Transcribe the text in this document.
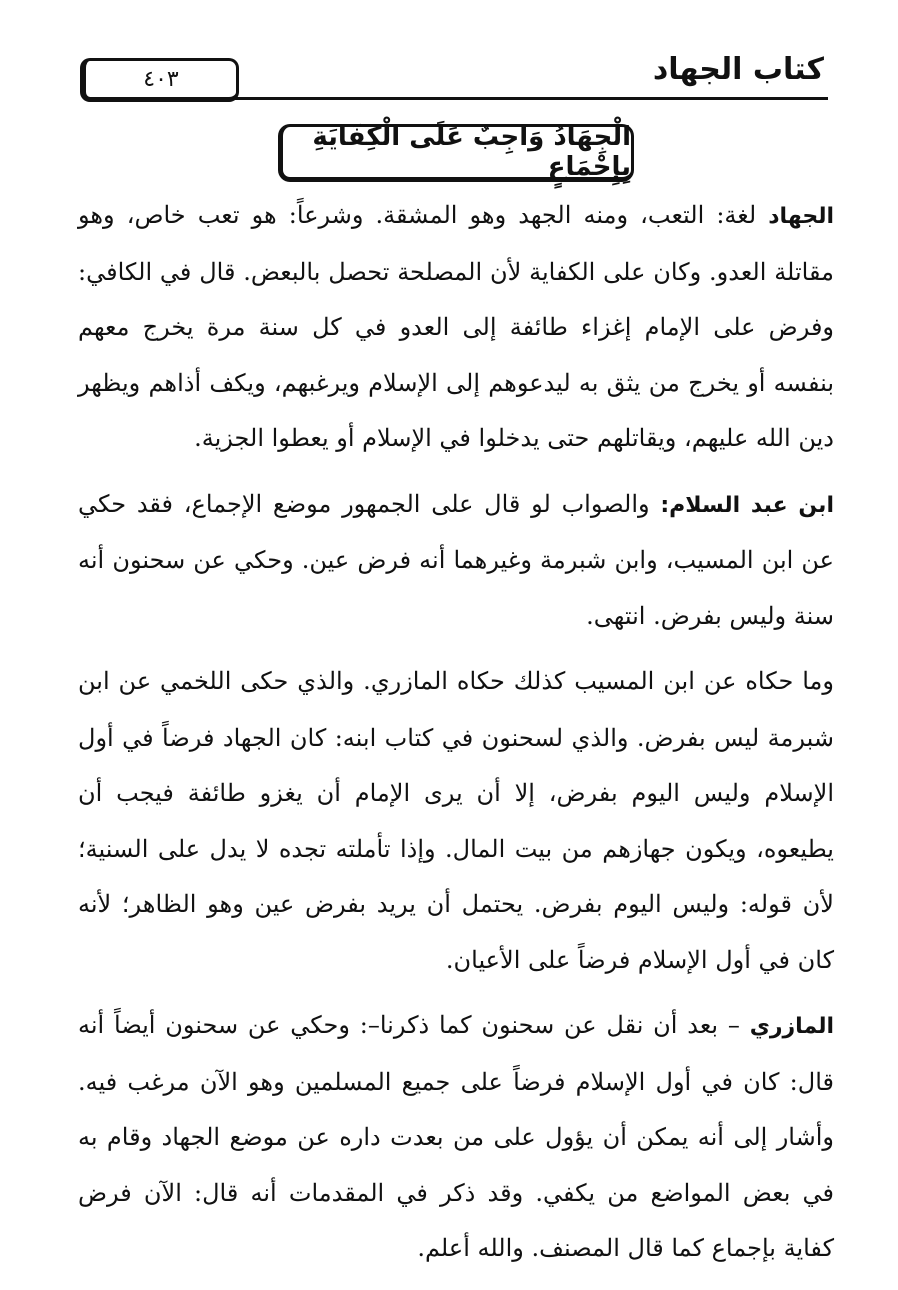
٤٠٣	كتاب الجهاد
الْجِهَادُ وَاجِبٌ عَلَى الْكِفَايَةِ بِإِجْمَاعٍ

الجهاد لغة: التعب، ومنه الجهد وهو المشقة. وشرعاً: هو تعب خاص، وهو مقاتلة العدو. وكان على الكفاية لأن المصلحة تحصل بالبعض. قال في الكافي: وفرض على الإمام إغزاء طائفة إلى العدو في كل سنة مرة يخرج معهم بنفسه أو يخرج من يثق به ليدعوهم إلى الإسلام ويرغبهم، ويكف أذاهم ويظهر دين الله عليهم، ويقاتلهم حتى يدخلوا في الإسلام أو يعطوا الجزية.

ابن عبد السلام: والصواب لو قال على الجمهور موضع الإجماع، فقد حكي عن ابن المسيب، وابن شبرمة وغيرهما أنه فرض عين. وحكي عن سحنون أنه سنة وليس بفرض. انتهى.

وما حكاه عن ابن المسيب كذلك حكاه المازري. والذي حكى اللخمي عن ابن شبرمة ليس بفرض. والذي لسحنون في كتاب ابنه: كان الجهاد فرضاً في أول الإسلام وليس اليوم بفرض، إلا أن يرى الإمام أن يغزو طائفة فيجب أن يطيعوه، ويكون جهازهم من بيت المال. وإذا تأملته تجده لا يدل على السنية؛ لأن قوله: وليس اليوم بفرض. يحتمل أن يريد بفرض عين وهو الظاهر؛ لأنه كان في أول الإسلام فرضاً على الأعيان.

المازري – بعد أن نقل عن سحنون كما ذكرنا–: وحكي عن سحنون أيضاً أنه قال: كان في أول الإسلام فرضاً على جميع المسلمين وهو الآن مرغب فيه. وأشار إلى أنه يمكن أن يؤول على من بعدت داره عن موضع الجهاد وقام به في بعض المواضع من يكفي. وقد ذكر في المقدمات أنه قال: الآن فرض كفاية بإجماع كما قال المصنف. والله أعلم.
